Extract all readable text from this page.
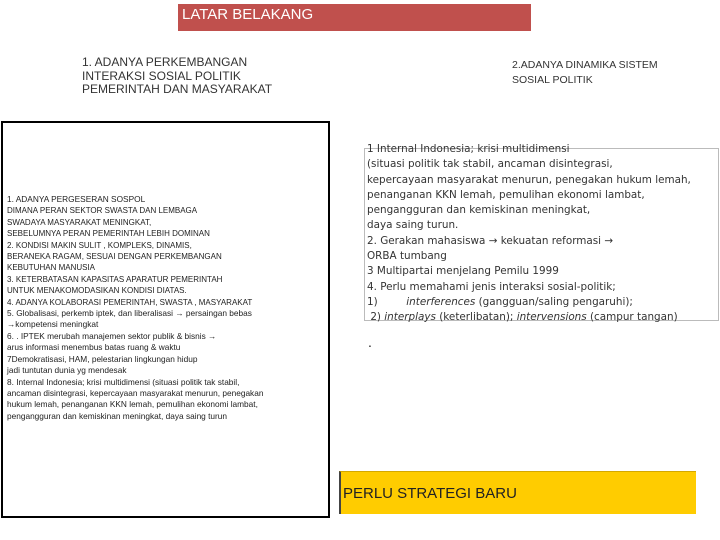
LATAR BELAKANG
1. ADANYA PERKEMBANGAN
INTERAKSI SOSIAL POLITIK
PEMERINTAH DAN MASYARAKAT
2.ADANYA DINAMIKA SISTEM
SOSIAL POLITIK
1. ADANYA PERGESERAN SOSPOL
DIMANA PERAN SEKTOR SWASTA DAN LEMBAGA
SWADAYA MASYARAKAT MENINGKAT,
SEBELUMNYA PERAN PEMERINTAH LEBIH DOMINAN
2. KONDISI MAKIN SULIT , KOMPLEKS, DINAMIS,
BERANEKA RAGAM, SESUAI DENGAN PERKEMBANGAN
KEBUTUHAN MANUSIA
3. KETERBATASAN KAPASITAS APARATUR PEMERINTAH
UNTUK MENAKOMODASIKAN KONDISI DIATAS.
4. ADANYA KOLABORASI PEMERINTAH, SWASTA , MASYARAKAT
5. Globalisasi, perkemb iptek, dan liberalisasi → persaingan bebas
→kompetensi meningkat
6. . IPTEK merubah manajemen sektor publik & bisnis →
arus informasi menembus batas ruang & waktu
7Demokratisasi, HAM, pelestarian lingkungan hidup
jadi tuntutan dunia yg mendesak
8. Internal Indonesia; krisi multidimensi (situasi politik tak stabil,
ancaman disintegrasi, kepercayaan masyarakat menurun, penegakan
hukum lemah, penanganan KKN lemah, pemulihan ekonomi lambat,
pengangguran dan kemiskinan meningkat, daya saing turun
1 Internal Indonesia; krisi multidimensi
(situasi politik tak stabil, ancaman disintegrasi,
kepercayaan masyarakat menurun, penegakan hukum lemah,
penanganan KKN lemah, pemulihan ekonomi lambat,
pengangguran dan kemiskinan meningkat,
daya saing turun.
2. Gerakan mahasiswa → kekuatan reformasi →
ORBA tumbang
3 Multipartai menjelang Pemilu 1999
4. Perlu memahami jenis interaksi sosial-politik;
1)	interferences (gangguan/saling pengaruhi);
2) interplays (keterlibatan); intervensions (campur tangan)
.
PERLU STRATEGI BARU
